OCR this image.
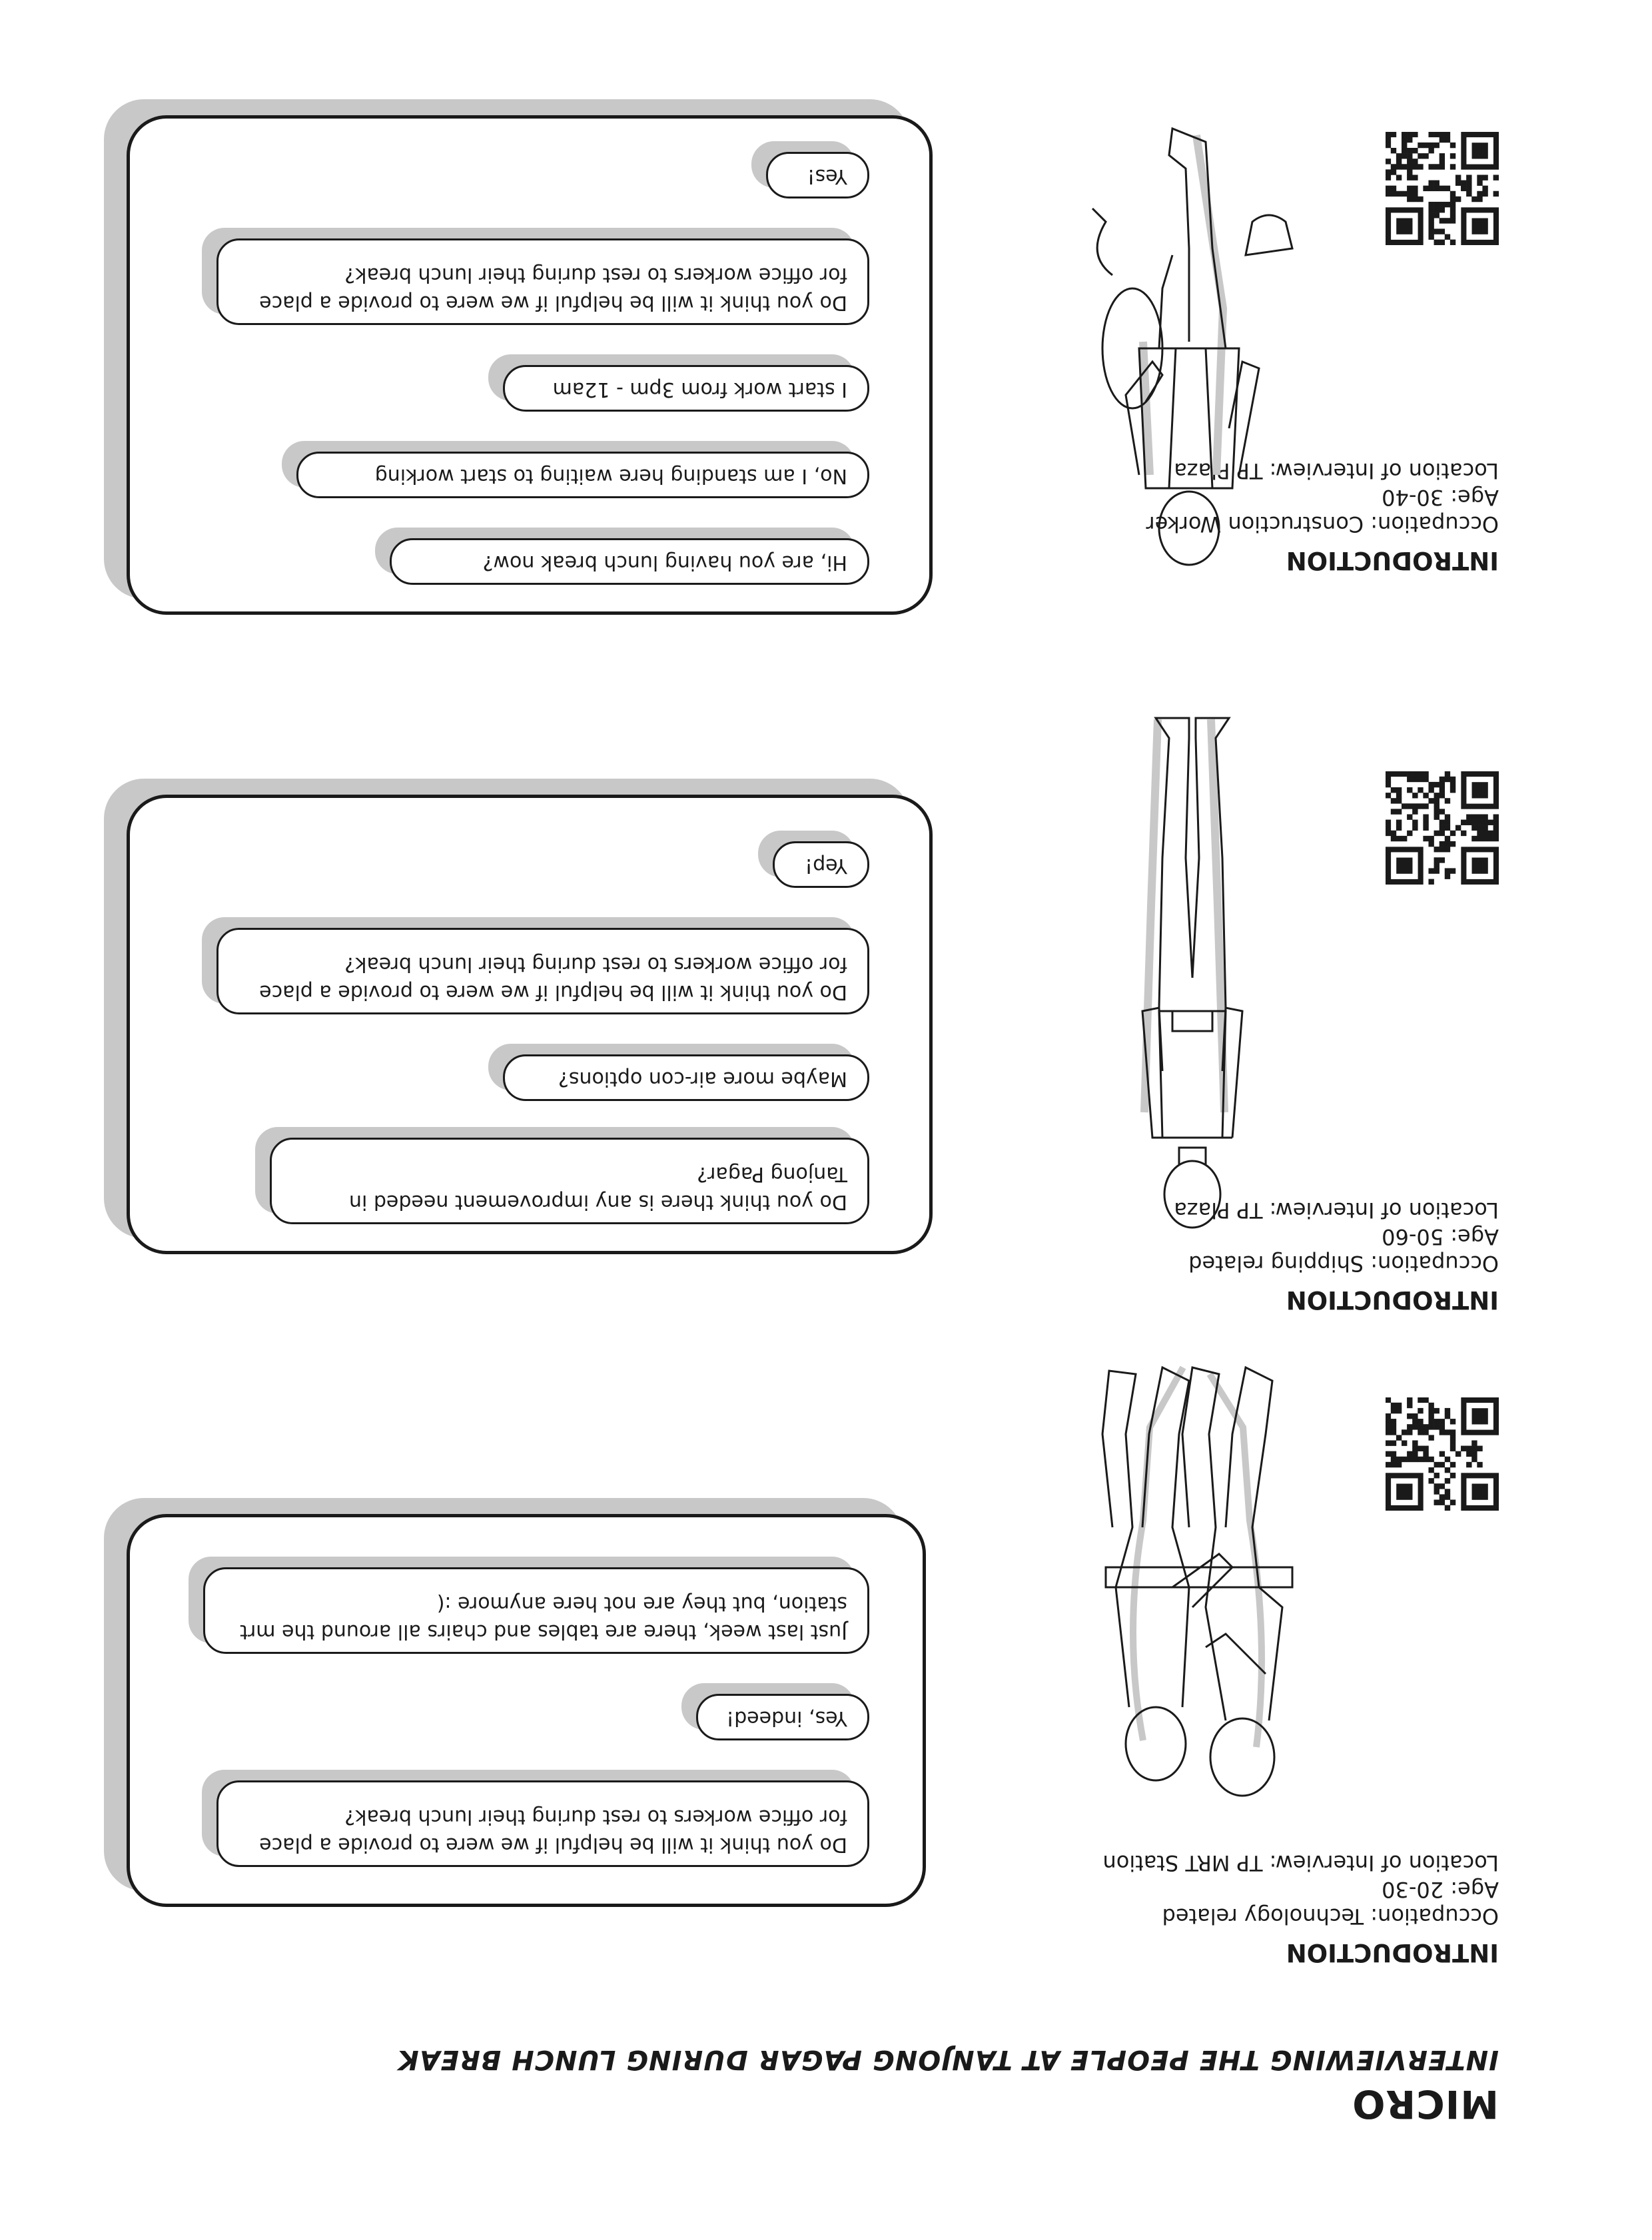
MICRO
INTERVIEWING THE PEOPLE AT TANJONG PAGAR DURING LUNCH BREAK

INTRODUCTION

Occupation: Technology related

Age: 20-30

Location of Interview: TP MRT Station

Do you think it will be helpful if we were to provide a place for office workers to rest during their lunch break?
Yes, indeed!
Just last week, there are tables and chairs all around the mrt station, but they are not here anymore :(

INTRODUCTION

Occupation: Shipping related

Age: 50-60

Location of Interview: TP Plaza

Do you think there is any improvement needed in Tanjong Pagar?
Maybe more air-con options?
Do you think it will be helpful if we were to provide a place for office workers to rest during their lunch break?
Yep!

INTRODUCTION

Occupation: Construction Worker

Age: 30-40

Location of Interview: TP Plaza

Hi, are you having lunch break now?
No, I am standing here waiting to start working
I start work from 3pm - 12am
Do you think it will be helpful if we were to provide a place for office workers to rest during their lunch break?
Yes!
